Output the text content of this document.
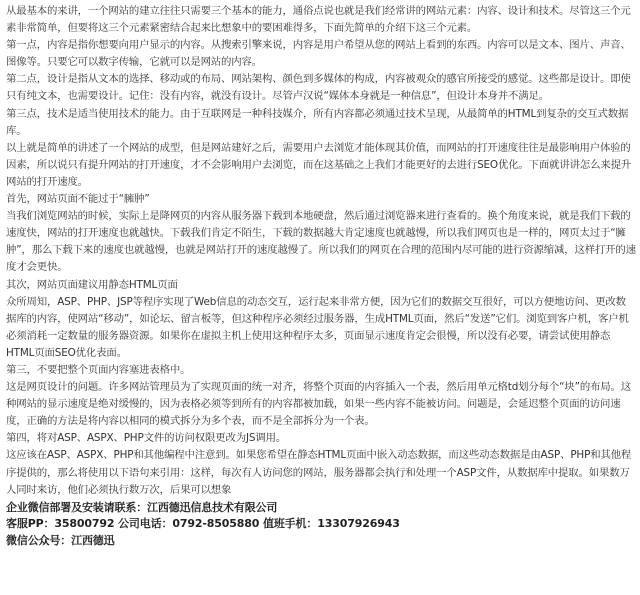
从最基本的来讲，一个网站的建立往往只需要三个基本的能力，通俗点说也就是我们经常讲的网站元素：内容、设计和技术。尽管这三个元素非常简单，但要将这三个元素紧密结合起来比想象中的要困难得多，下面先简单的介绍下这三个元素。

第一点，内容是指你想要向用户显示的内容。从搜索引擎来说，内容是用户希望从您的网站上看到的东西。内容可以是文本、图片、声音、图像等。只要它可以数字传输，它就可以是网站的内容。

第二点，设计是指从文本的选择、移动或的布局、网站架构、颜色到多媒体的构成，内容被观众的感官所接受的感觉。这些都是设计。即使只有纯文本，也需要设计。记住：没有内容，就没有设计。尽管卢汉说“媒体本身就是一种信息”，但设计本身并不满足。

第三点，技术是适当使用技术的能力。由于互联网是一种科技媒介，所有内容都必须通过技术呈现，从最简单的HTML到复杂的交互式数据库。

以上就是简单的讲述了一个网站的成型，但是网站建好之后，需要用户去浏览才能体现其价值，而网站的打开速度往往是最影响用户体验的因素，所以说只有提升网站的打开速度，才不会影响用户去浏览，而在这基础之上我们才能更好的去进行SEO优化。下面就讲讲怎么来提升网站的打开速度。

首先，网站页面不能过于“臃肿”

当我们浏览网站的时候，实际上是降网页的内容从服务器下载到本地硬盘，然后通过浏览器来进行查看的。换个角度来说，就是我们下载的速度快，网站的打开速度也就越快。下载我们肯定不陌生，下载的数据越大肯定速度也就越慢，所以我们网页也是一样的，网页太过于“臃肿”，那么下载下来的速度也就越慢，也就是网站打开的速度越慢了。所以我们的网页在合理的范围内尽可能的进行资源缩减，这样打开的速度才会更快。

其次，网站页面建议用静态HTML页面

众所周知，ASP、PHP、JSP等程序实现了Web信息的动态交互，运行起来非常方便，因为它们的数据交互很好，可以方便地访问、更改数据库的内容，使网站“移动”，如论坛、留言板等，但这种程序必须经过服务器，生成HTML页面，然后“发送”它们。浏览到客户机，客户机必须消耗一定数量的服务器资源。如果你在虚拟主机上使用这种程序太多，页面显示速度肯定会很慢，所以没有必要，请尝试使用静态HTML页面SEO优化表面。

第三，不要把整个页面内容塞进表格中。

这是网页设计的问题。许多网站管理员为了实现页面的统一对齐，将整个页面的内容插入一个表，然后用单元格td划分每个“块”的布局。这种网站的显示速度是绝对缓慢的，因为表格必须等到所有的内容都被加载，如果一些内容不能被访问。问题是，会延迟整个页面的访问速度，正确的方法是将内容以相同的模式拆分为多个表，而不是全部拆分为一个表。

第四，将对ASP、ASPX、PHP文件的访问权限更改为JS调用。

这应该在ASP、ASPX、PHP和其他编程中注意到。如果您希望在静态HTML页面中嵌入动态数据，而这些动态数据是由ASP、PHP和其他程序提供的，那么将使用以下语句来引用：这样，每次有人访问您的网站，服务器都会执行和处理一个ASP文件，从数据库中提取。如果数万人同时来访，他们必须执行数万次，后果可以想象

企业微信部署及安装请联系：江西德迅信息技术有限公司

客服PP：35800792 公司电话：0792-8505880 值班手机：13307926943

微信公众号：江西德迅
